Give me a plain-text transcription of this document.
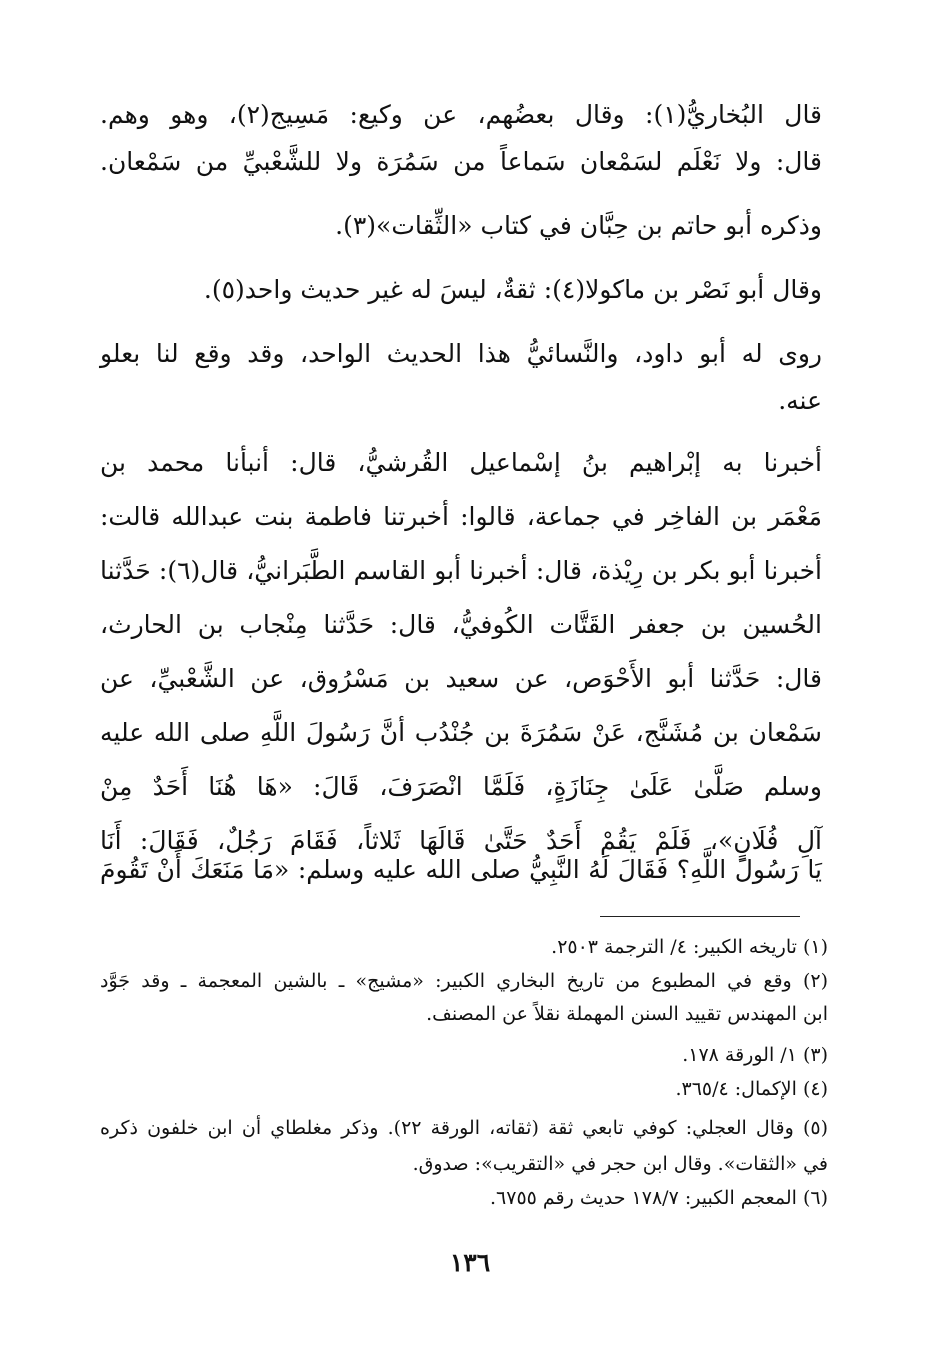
قال البُخاريُّ(١): وقال بعضُهم، عن وكيع: مَسِيج(٢)، وهو وهم.
قال: ولا نَعْلَم لسَمْعان سَماعاً من سَمُرَة ولا للشَّعْبيِّ من سَمْعان.
وذكره أبو حاتم بن حِبَّان في كتاب «الثِّقات»(٣).
وقال أبو نَصْر بن ماكولا(٤): ثقةٌ، ليسَ له غير حديث واحد(٥).
روى له أبو داود، والنَّسائيُّ هذا الحديث الواحد، وقد وقع لنا بعلو
عنه.
أخبرنا به إبْراهيم بنُ إسْماعيل القُرشيُّ، قال: أنبأنا محمد بن
مَعْمَر بن الفاخِر في جماعة، قالوا: أخبرتنا فاطمة بنت عبدالله قالت:
أخبرنا أبو بكر بن رِيْذة، قال: أخبرنا أبو القاسم الطَّبَرانيُّ، قال(٦): حَدَّثنا
الحُسين بن جعفر القَتَّات الكُوفيُّ، قال: حَدَّثنا مِنْجاب بن الحارث،
قال: حَدَّثنا أبو الأَحْوَص، عن سعيد بن مَسْرُوق، عن الشَّعْبيِّ، عن
سَمْعان بن مُشَنَّج، عَنْ سَمُرَةَ بن جُنْدُب أنَّ رَسُولَ اللَّهِ صلى الله عليه
وسلم صَلَّىٰ عَلَىٰ جِنَازَةٍ، فَلَمَّا انْصَرَفَ، قَالَ: «هَا هُنَا أَحَدٌ مِنْ
آلِ فُلَانٍ»، فَلَمْ يَقُمْ أَحَدٌ حَتَّىٰ قَالَهَا ثَلاثاً، فَقَامَ رَجُلٌ، فَقَالَ: أَنَا
يَا رَسُولَ اللَّهِ؟ فَقَالَ لَهُ النَّبِيُّ صلى الله عليه وسلم: «مَا مَنَعَكَ أَنْ تَقُومَ
(١) تاريخه الكبير: ٤/ الترجمة ٢٥٠٣.
(٢) وقع في المطبوع من تاريخ البخاري الكبير: «مشيج» ـ بالشين المعجمة ـ وقد جَوَّد
ابن المهندس تقييد السنن المهملة نقلاً عن المصنف.
(٣) ١/ الورقة ١٧٨.
(٤) الإكمال: ٣٦٥/٤.
(٥) وقال العجلي: كوفي تابعي ثقة (ثقاته، الورقة ٢٢). وذكر مغلطاي أن ابن خلفون ذكره
في «الثقات». وقال ابن حجر في «التقريب»: صدوق.
(٦) المعجم الكبير: ١٧٨/٧ حديث رقم ٦٧٥٥.
١٣٦
